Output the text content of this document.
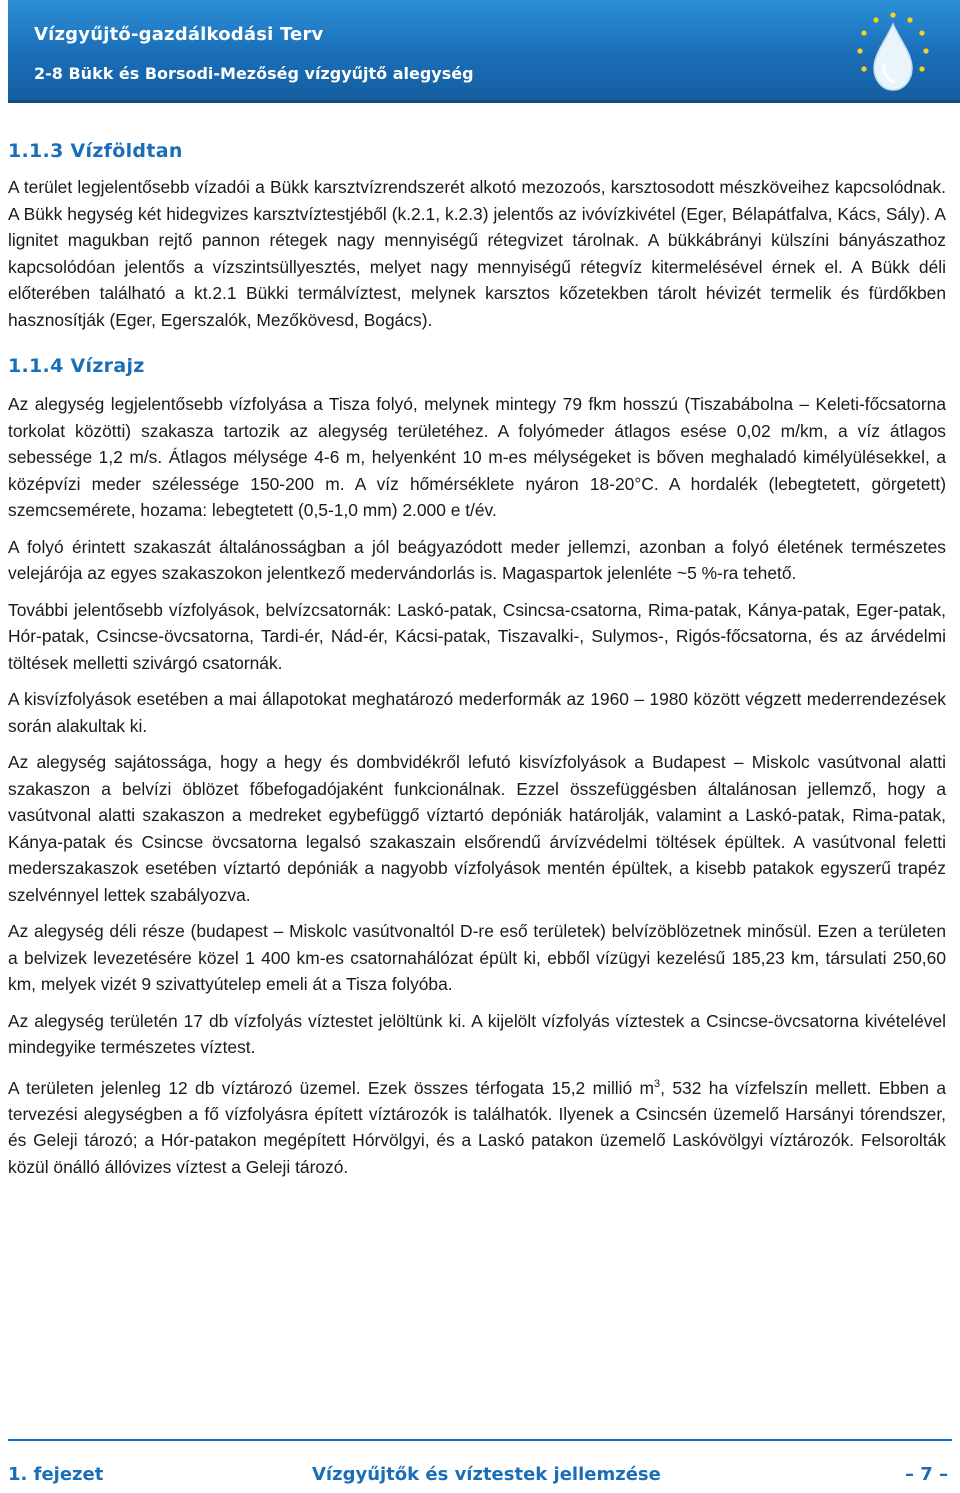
Vízgyűjtő-gazdálkodási Terv
2-8 Bükk és Borsodi-Mezőség vízgyűjtő alegység
1.1.3 Vízföldtan

A terület legjelentősebb vízadói a Bükk karsztvízrendszerét alkotó mezozoós, karsztosodott mészköveihez kapcsolódnak. A Bükk hegység két hidegvizes karsztvíztestjéből (k.2.1, k.2.3) jelentős az ivóvízkivétel (Eger, Bélapátfalva, Kács, Sály). A lignitet magukban rejtő pannon rétegek nagy mennyiségű rétegvizet tárolnak. A bükkábrányi külszíni bányászathoz kapcsolódóan jelentős a vízszintsüllyesztés, melyet nagy mennyiségű rétegvíz kitermelésével érnek el. A Bükk déli előterében található a kt.2.1 Bükki termálvíztest, melynek karsztos kőzetekben tárolt hévizét termelik és fürdőkben hasznosítják (Eger, Egerszalók, Mezőkövesd, Bogács).

1.1.4 Vízrajz

Az alegység legjelentősebb vízfolyása a Tisza folyó, melynek mintegy 79 fkm hosszú (Tiszabábolna – Keleti-főcsatorna torkolat közötti) szakasza tartozik az alegység területéhez. A folyómeder átlagos esése 0,02 m/km, a víz átlagos sebessége 1,2 m/s. Átlagos mélysége 4-6 m, helyenként 10 m-es mélységeket is bőven meghaladó kimélyülésekkel, a középvízi meder szélessége 150-200 m. A víz hőmérséklete nyáron 18-20°C. A hordalék (lebegtetett, görgetett) szemcsemérete, hozama: lebegtetett (0,5-1,0 mm) 2.000 e t/év.

A folyó érintett szakaszát általánosságban a jól beágyazódott meder jellemzi, azonban a folyó életének természetes velejárója az egyes szakaszokon jelentkező medervándorlás is. Magaspartok jelenléte ~5 %-ra tehető.

További jelentősebb vízfolyások, belvízcsatornák: Laskó-patak, Csincsa-csatorna, Rima-patak, Kánya-patak, Eger-patak, Hór-patak, Csincse-övcsatorna, Tardi-ér, Nád-ér, Kácsi-patak, Tiszavalki-, Sulymos-, Rigós-főcsatorna, és az árvédelmi töltések melletti szivárgó csatornák.

A kisvízfolyások esetében a mai állapotokat meghatározó mederformák az 1960 – 1980 között végzett mederrendezések során alakultak ki.

Az alegység sajátossága, hogy a hegy és dombvidékről lefutó kisvízfolyások a Budapest – Miskolc vasútvonal alatti szakaszon a belvízi öblözet főbefogadójaként funkcionálnak. Ezzel összefüggésben általánosan jellemző, hogy a vasútvonal alatti szakaszon a medreket egybefüggő víztartó depóniák határolják, valamint a Laskó-patak, Rima-patak, Kánya-patak és Csincse övcsatorna legalsó szakaszain elsőrendű árvízvédelmi töltések épültek. A vasútvonal feletti mederszakaszok esetében víztartó depóniák a nagyobb vízfolyások mentén épültek, a kisebb patakok egyszerű trapéz szelvénnyel lettek szabályozva.

Az alegység déli része (budapest – Miskolc vasútvonaltól D-re eső területek) belvízöblözetnek minősül. Ezen a területen a belvizek levezetésére közel 1 400 km-es csatornahálózat épült ki, ebből vízügyi kezelésű 185,23 km, társulati 250,60 km, melyek vizét 9 szivattyútelep emeli át a Tisza folyóba.

Az alegység területén 17 db vízfolyás víztestet jelöltünk ki. A kijelölt vízfolyás víztestek a Csincse-övcsatorna kivételével mindegyike természetes víztest.

A területen jelenleg 12 db víztározó üzemel. Ezek összes térfogata 15,2 millió $m^3$, 532 ha vízfelszín mellett. Ebben a tervezési alegységben a fő vízfolyásra épített víztározók is találhatók. Ilyenek a Csincsén üzemelő Harsányi tórendszer, és Geleji tározó; a Hór-patakon megépített Hórvölgyi, és a Laskó patakon üzemelő Laskóvölgyi víztározók. Felsorolták közül önálló állóvizes víztest a Geleji tározó.

1. fejezet	Vízgyűjtők és víztestek jellemzése	– 7 –
